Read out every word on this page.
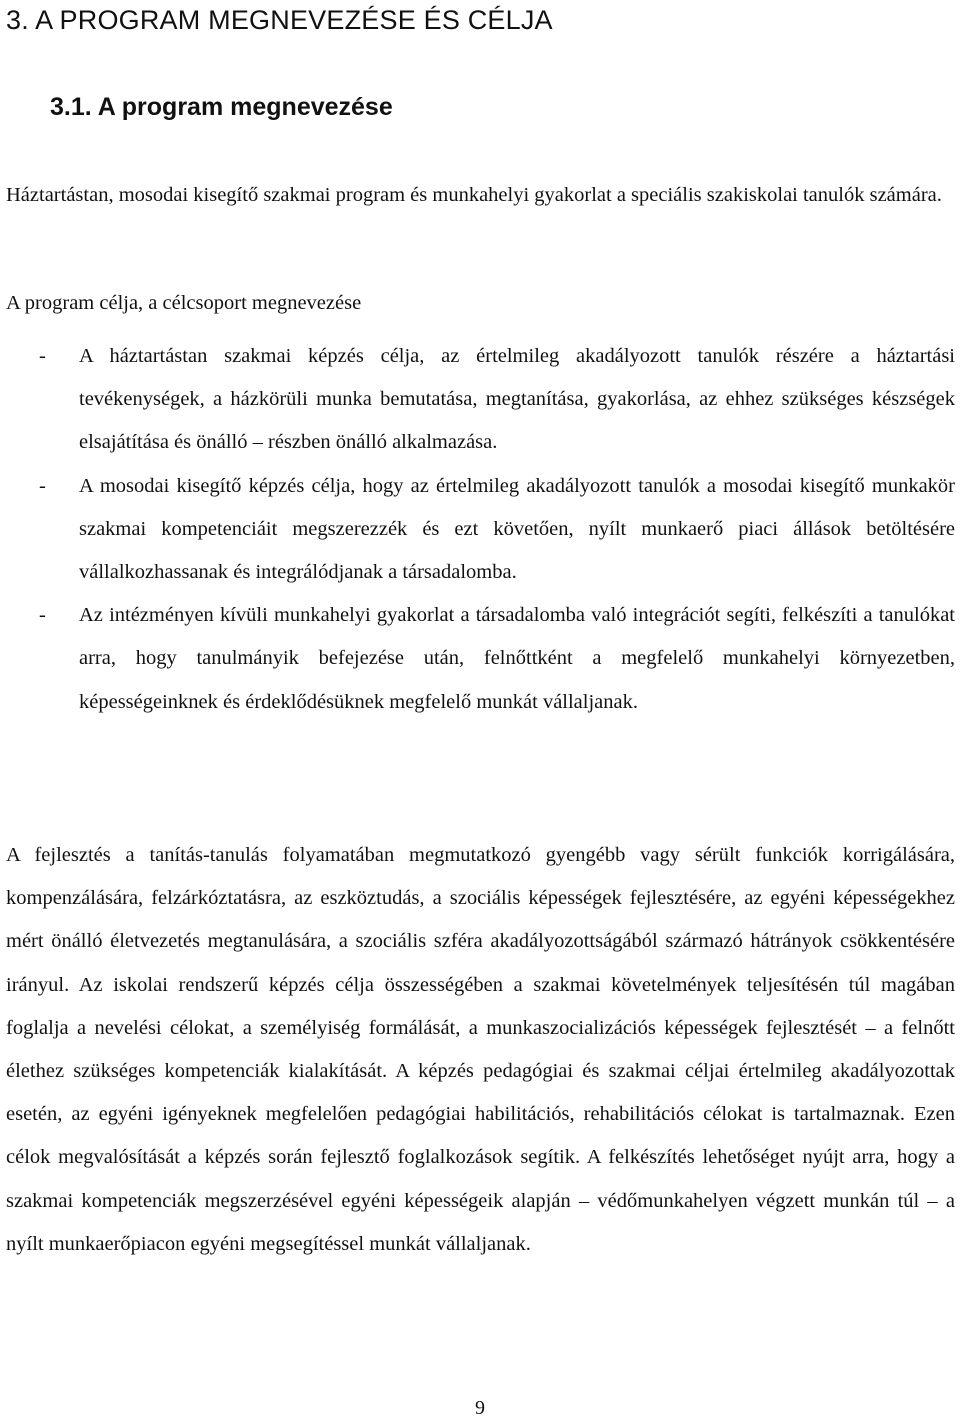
3. A PROGRAM MEGNEVEZÉSE ÉS CÉLJA
3.1. A program megnevezése

Háztartástan, mosodai kisegítő szakmai program és munkahelyi gyakorlat a speciális szakiskolai tanulók számára.

A program célja, a célcsoport megnevezése

- A háztartástan szakmai képzés célja, az értelmileg akadályozott tanulók részére a háztartási tevékenységek, a házkörüli munka bemutatása, megtanítása, gyakorlása, az ehhez szükséges készségek elsajátítása és önálló – részben önálló alkalmazása.
- A mosodai kisegítő képzés célja, hogy az értelmileg akadályozott tanulók a mosodai kisegítő munkakör szakmai kompetenciáit megszerezzék és ezt követően, nyílt munkaerő piaci állások betöltésére vállalkozhassanak és integrálódjanak a társadalomba.
- Az intézményen kívüli munkahelyi gyakorlat a társadalomba való integrációt segíti, felkészíti a tanulókat arra, hogy tanulmányik befejezése után, felnőttként a megfelelő munkahelyi környezetben, képességeinknek és érdeklődésüknek megfelelő munkát vállaljanak.

A fejlesztés a tanítás-tanulás folyamatában megmutatkozó gyengébb vagy sérült funkciók korrigálására, kompenzálására, felzárkóztatásra, az eszköztudás, a szociális képességek fejlesztésére, az egyéni képességekhez mért önálló életvezetés megtanulására, a szociális szféra akadályozottságából származó hátrányok csökkentésére irányul. Az iskolai rendszerű képzés célja összességében a szakmai követelmények teljesítésén túl magában foglalja a nevelési célokat, a személyiség formálását, a munkaszocializációs képességek fejlesztését – a felnőtt élethez szükséges kompetenciák kialakítását. A képzés pedagógiai és szakmai céljai értelmileg akadályozottak esetén, az egyéni igényeknek megfelelően pedagógiai habilitációs, rehabilitációs célokat is tartalmaznak. Ezen célok megvalósítását a képzés során fejlesztő foglalkozások segítik. A felkészítés lehetőséget nyújt arra, hogy a szakmai kompetenciák megszerzésével egyéni képességeik alapján – védőmunkahelyen végzett munkán túl – a nyílt munkaerőpiacon egyéni megsegítéssel munkát vállaljanak.

9
